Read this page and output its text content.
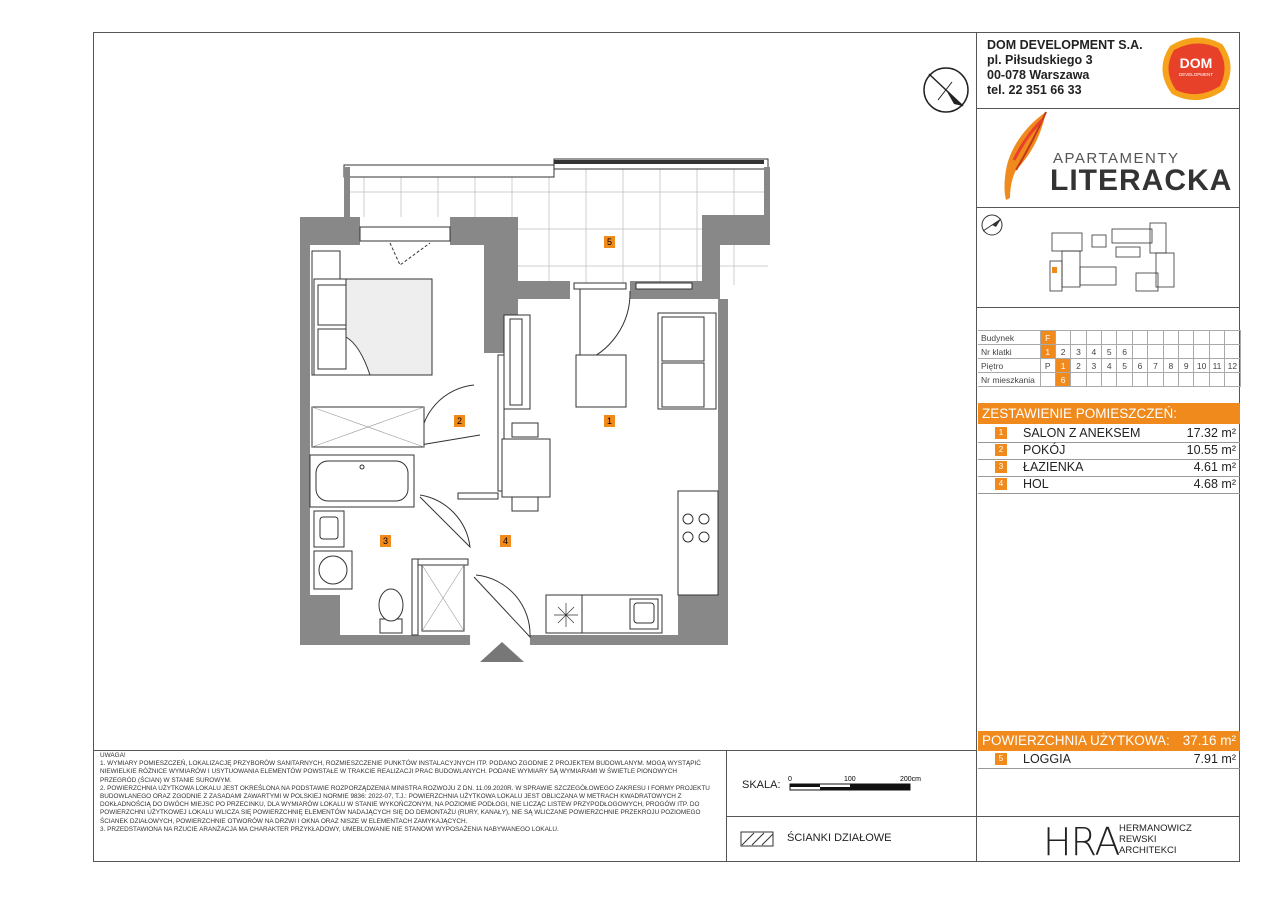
DOM DEVELOPMENT S.A.
pl. Piłsudskiego 3
00-078 Warszawa
tel. 22 351 66 33
DOM
DEVELOPMENT
APARTAMENTY
LITERACKA
Budynek	F												
Nr klatki	1	2	3	4	5	6							
Piętro	P	1	2	3	4	5	6	7	8	9	10	11	12
Nr mieszkania		6											
ZESTAWIENIE POMIESZCZEŃ:
1	SALON Z ANEKSEM	17.32 m²
2	POKÓJ	10.55 m²
3	ŁAZIENKA	4.61 m²
4	HOL	4.68 m²
POWIERZCHNIA UŻYTKOWA: 37.16 m²
5	LOGGIA	7.91 m²
UWAGA!
1. WYMIARY POMIESZCZEŃ, LOKALIZACJĘ PRZYBORÓW SANITARNYCH, ROZMIESZCZENIE PUNKTÓW INSTALACYJNYCH ITP. PODANO ZGODNIE Z PROJEKTEM BUDOWLANYM. MOGĄ WYSTĄPIĆ NIEWIELKIE RÓŻNICE WYMIARÓW I USYTUOWANIA ELEMENTÓW POWSTAŁE W TRAKCIE REALIZACJI PRAC BUDOWLANYCH. PODANE WYMIARY SĄ WYMIARAMI W ŚWIETLE PIONOWYCH PRZEGRÓD (ŚCIAN) W STANIE SUROWYM.
2. POWIERZCHNIA UŻYTKOWA LOKALU JEST OKREŚLONA NA PODSTAWIE ROZPORZĄDZENIA MINISTRA ROZWOJU Z DN. 11.09.2020R. W SPRAWIE SZCZEGÓŁOWEGO ZAKRESU I FORMY PROJEKTU BUDOWLANEGO ORAZ ZGODNIE Z ZASADAMI ZAWARTYMI W POLSKIEJ NORMIE 9836: 2022-07, T.J.: POWIERZCHNIA UŻYTKOWA LOKALU JEST OBLICZANA W METRACH KWADRATOWYCH Z DOKŁADNOŚCIĄ DO DWÓCH MIEJSC PO PRZECINKU, DLA WYMIARÓW LOKALU W STANIE WYKOŃCZONYM, NA POZIOMIE PODŁOGI, NIE LICZĄC LISTEW PRZYPODŁOGOWYCH, PROGÓW ITP. DO POWIERZCHNI UŻYTKOWEJ LOKALU WLICZA SIĘ POWIERZCHNIĘ ELEMENTÓW NADAJĄCYCH SIĘ DO DEMONTAŻU (RURY, KANAŁY), NIE SĄ WLICZANE POWIERZCHNIE PRZEKROJU POZIOMEGO ŚCIANEK DZIAŁOWYCH, POWIERZCHNIE OTWORÓW NA DRZWI I OKNA ORAZ NISZE W ELEMENTACH ZAMYKAJĄCYCH.
3. PRZEDSTAWIONA NA RZUCIE ARANŻACJA MA CHARAKTER PRZYKŁADOWY, UMEBLOWANIE NIE STANOWI WYPOSAŻENIA NABYWANEGO LOKALU.
SKALA: 0	100	200cm
ŚCIANKI DZIAŁOWE	HRA HERMANOWICZ
REWSKI
ARCHITEKCI
1
2
3	4
5
